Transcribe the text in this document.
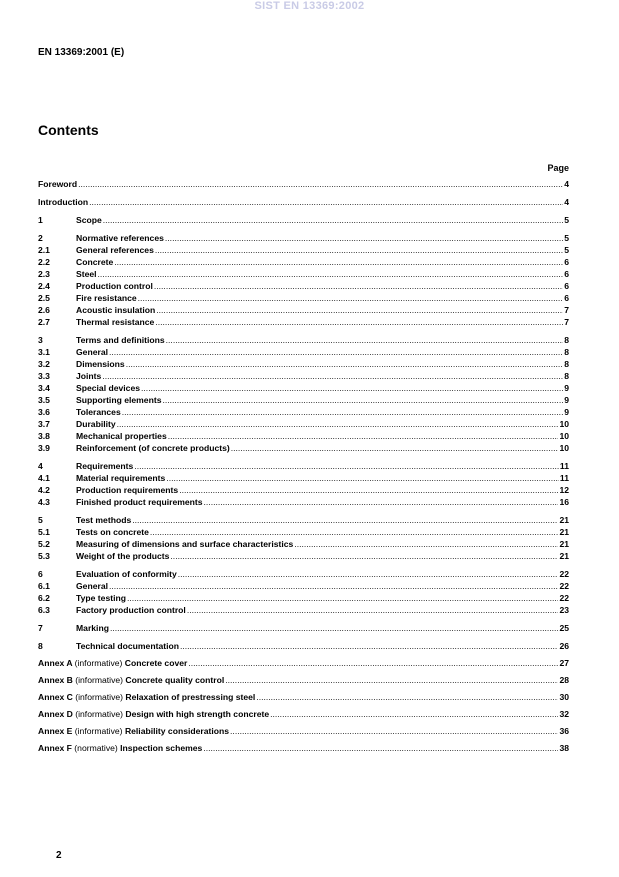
SIST EN 13369:2002
EN 13369:2001 (E)
Contents
Page
Foreword .....	4
Introduction .....	4
1	Scope .....	5
2	Normative references .....	5
2.1	General references .....	5
2.2	Concrete .....	6
2.3	Steel .....	6
2.4	Production control .....	6
2.5	Fire resistance .....	6
2.6	Acoustic insulation .....	7
2.7	Thermal resistance .....	7
3	Terms and definitions .....	8
3.1	General .....	8
3.2	Dimensions .....	8
3.3	Joints .....	8
3.4	Special devices .....	9
3.5	Supporting elements .....	9
3.6	Tolerances .....	9
3.7	Durability .....	10
3.8	Mechanical properties .....	10
3.9	Reinforcement (of concrete products) .....	10
4	Requirements .....	11
4.1	Material requirements .....	11
4.2	Production requirements .....	12
4.3	Finished product requirements .....	16
5	Test methods .....	21
5.1	Tests on concrete .....	21
5.2	Measuring of dimensions and surface characteristics .....	21
5.3	Weight of the products .....	21
6	Evaluation of conformity .....	22
6.1	General .....	22
6.2	Type testing .....	22
6.3	Factory production control .....	23
7	Marking .....	25
8	Technical documentation .....	26
Annex A (informative) Concrete cover .....	27
Annex B (informative) Concrete quality control .....	28
Annex C (informative) Relaxation of prestressing steel .....	30
Annex D (informative) Design with high strength concrete .....	32
Annex E (informative) Reliability considerations .....	36
Annex F (normative) Inspection schemes .....	38
2
